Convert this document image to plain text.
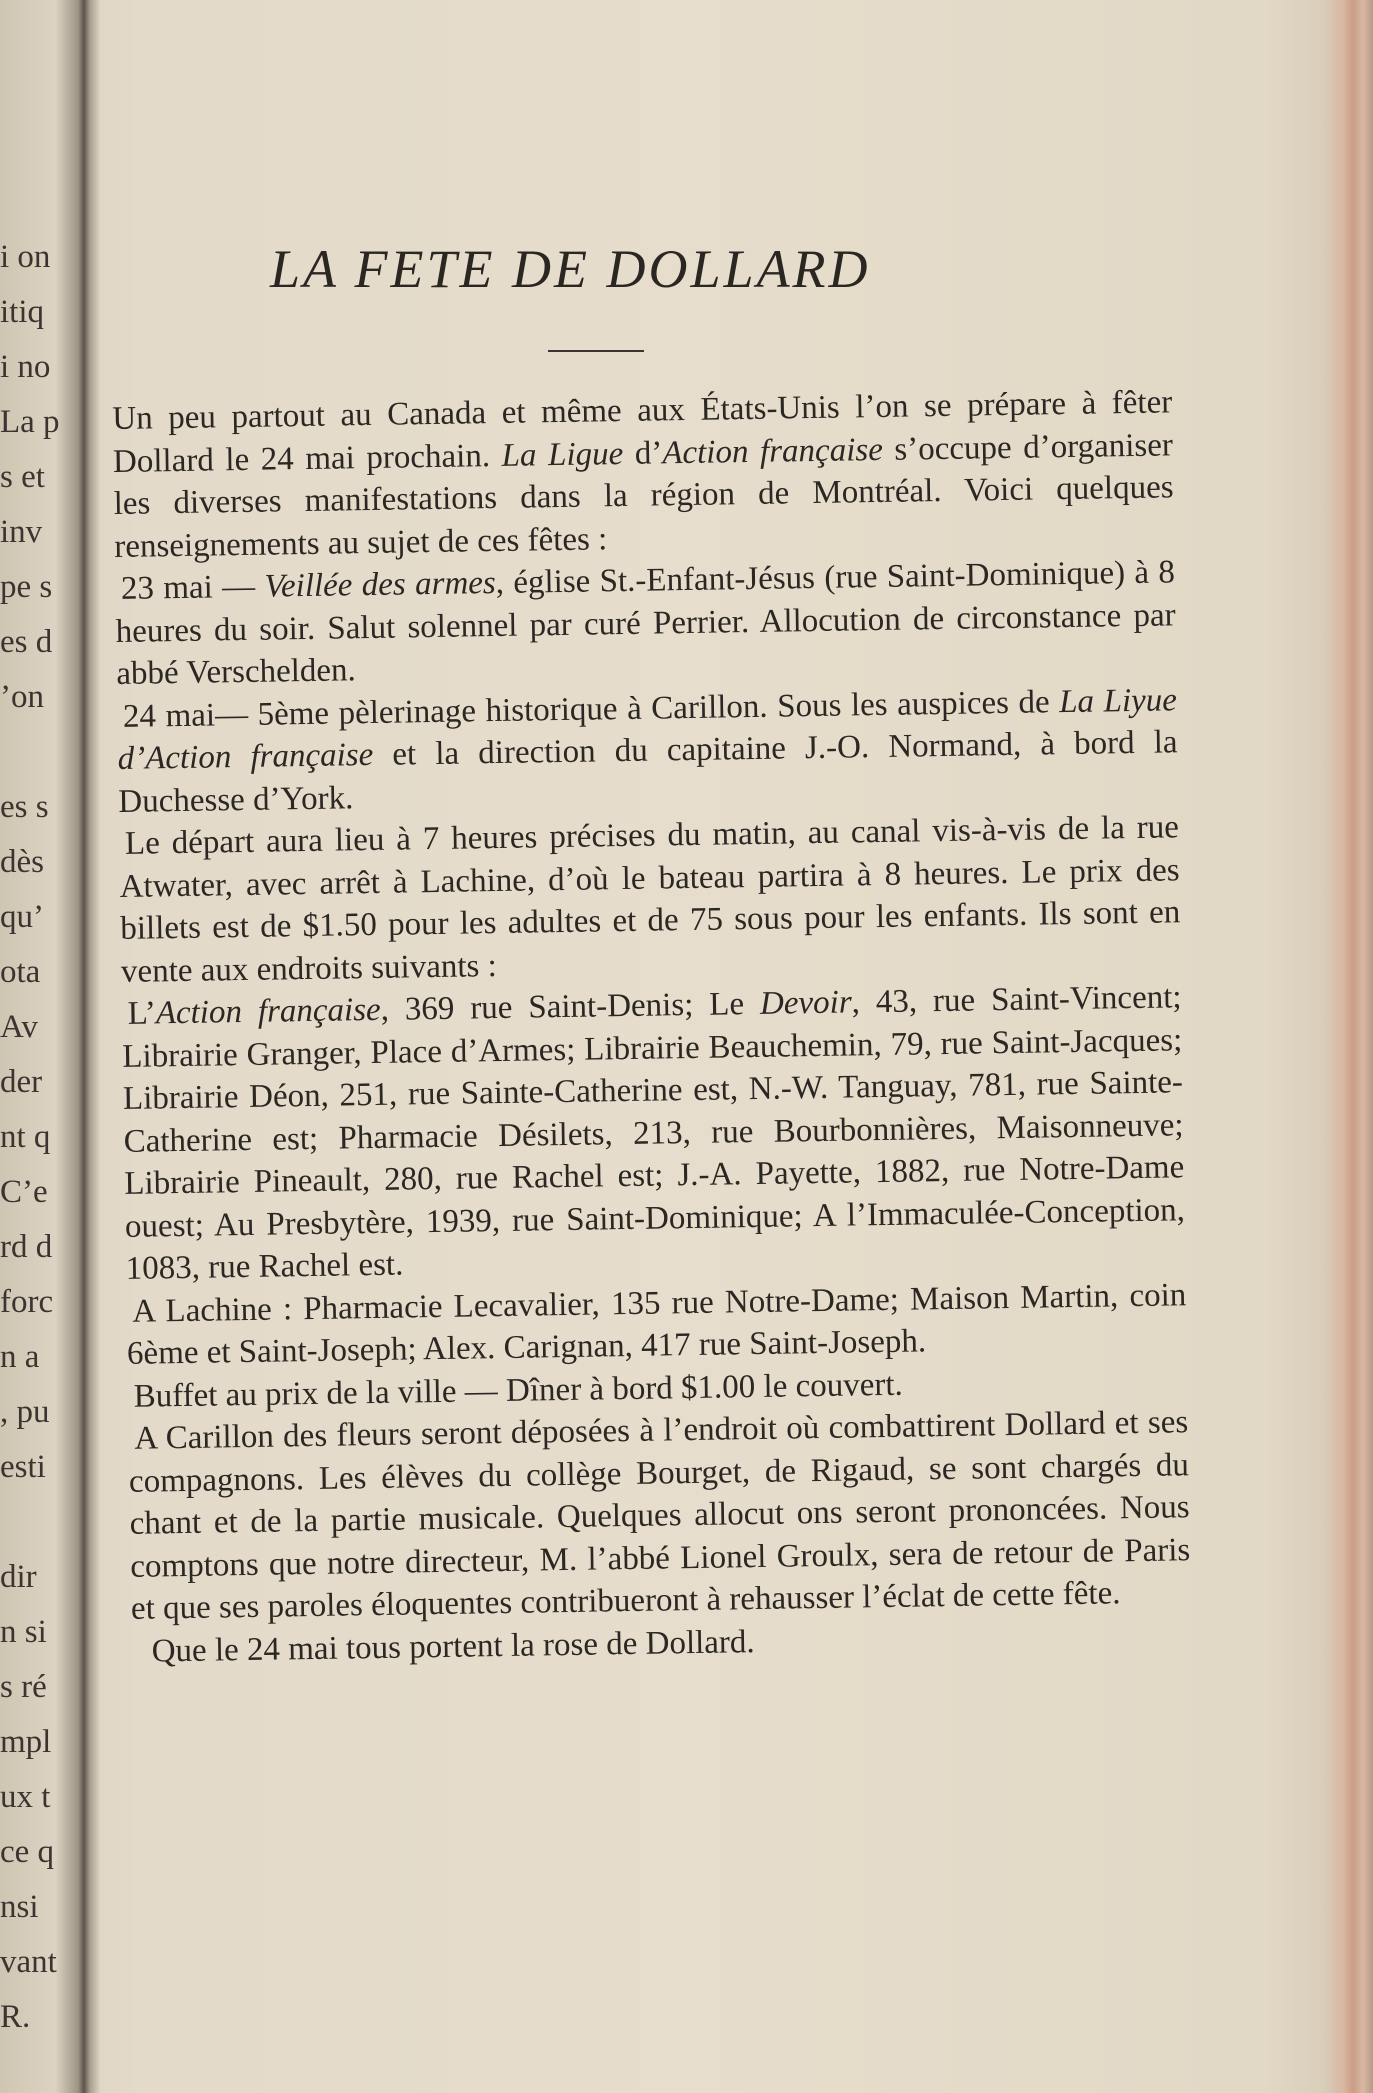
i on
itiq
i no
La p
s et
inv
pe s
es d
’on

es s
dès
qu’
ota
Av
der
nt q
C’e
rd d
forc
n a
, pu
esti

dir
n si
s ré
mpl
ux t
ce q
nsi
vant
R.
LA FETE DE DOLLARD

Un peu partout au Canada et même aux États-Unis l’on se prépare à fêter Dollard le 24 mai prochain. La Ligue d’Action française s’occupe d’organiser les diverses manifestations dans la région de Montréal. Voici quelques renseignements au sujet de ces fêtes :

23 mai — Veillée des armes, église St.-Enfant-Jésus (rue Saint-Dominique) à 8 heures du soir. Salut solennel par curé Perrier. Allocution de circonstance par abbé Verschelden.

24 mai— 5ème pèlerinage historique à Carillon. Sous les auspices de La Liyue d’Action française et la direction du capitaine J.-O. Normand, à bord la Duchesse d’York.

Le départ aura lieu à 7 heures précises du matin, au canal vis-à-vis de la rue Atwater, avec arrêt à Lachine, d’où le bateau partira à 8 heures. Le prix des billets est de $1.50 pour les adultes et de 75 sous pour les enfants. Ils sont en vente aux endroits suivants :

L’Action française, 369 rue Saint-Denis; Le Devoir, 43, rue Saint-Vincent; Librairie Granger, Place d’Armes; Librairie Beauchemin, 79, rue Saint-Jacques; Librairie Déon, 251, rue Sainte-Catherine est, N.-W. Tanguay, 781, rue Sainte-Catherine est; Pharmacie Désilets, 213, rue Bourbonnières, Maisonneuve; Librairie Pineault, 280, rue Rachel est; J.-A. Payette, 1882, rue Notre-Dame ouest; Au Presbytère, 1939, rue Saint-Dominique; A l’Immaculée-Conception, 1083, rue Rachel est.

A Lachine : Pharmacie Lecavalier, 135 rue Notre-Dame; Maison Martin, coin 6ème et Saint-Joseph; Alex. Carignan, 417 rue Saint-Joseph.

Buffet au prix de la ville — Dîner à bord $1.00 le couvert.

A Carillon des fleurs seront déposées à l’endroit où combattirent Dollard et ses compagnons. Les élèves du collège Bourget, de Rigaud, se sont chargés du chant et de la partie musicale. Quelques allocut ons seront prononcées. Nous comptons que notre directeur, M. l’abbé Lionel Groulx, sera de retour de Paris et que ses paroles éloquentes contribueront à rehausser l’éclat de cette fête.

Que le 24 mai tous portent la rose de Dollard.
